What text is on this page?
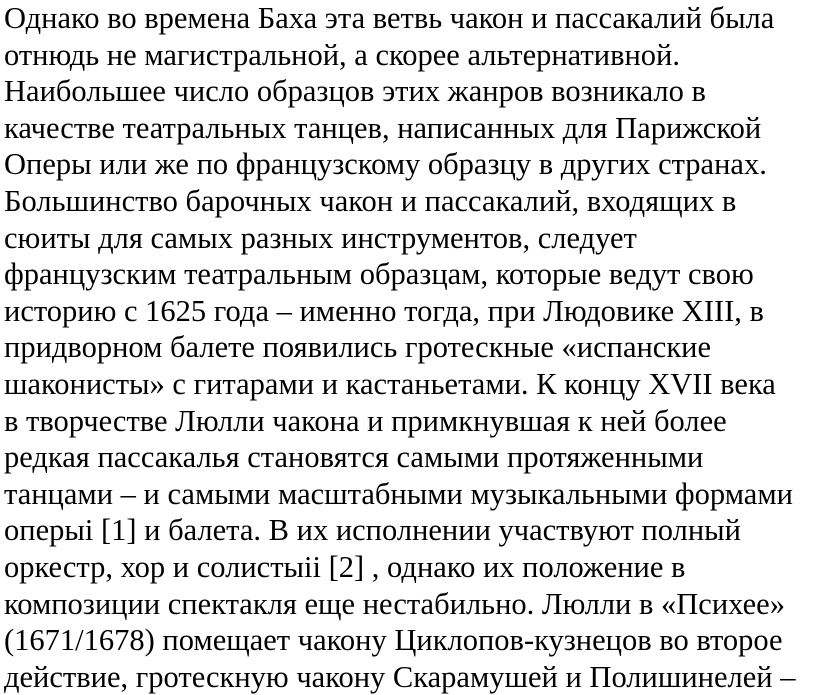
Однако во времена Баха эта ветвь чакон и пассакалий была
отнюдь не магистральной, а скорее альтернативной.
Наибольшее число образцов этих жанров возникало в
качестве театральных танцев, написанных для Парижской
Оперы или же по французскому образцу в других странах.
Большинство барочных чакон и пассакалий, входящих в
сюиты для самых разных инструментов, следует
французским театральным образцам, которые ведут свою
историю с 1625 года – именно тогда, при Людовике XIII, в
придворном балете появились гротескные «испанские
шаконисты» с гитарами и кастаньетами. К концу XVII века
в творчестве Люлли чакона и примкнувшая к ней более
редкая пассакалья становятся самыми протяженными
танцами – и самыми масштабными музыкальными формами
оперыі [1] и балета. В их исполнении участвуют полный
оркестр, хор и солистыіі [2] , однако их положение в
композиции спектакля еще нестабильно. Люлли в «Психее»
(1671/1678) помещает чакону Циклопов-кузнецов во второе
действие, гротескную чакону Скарамушей и Полишинелей –
